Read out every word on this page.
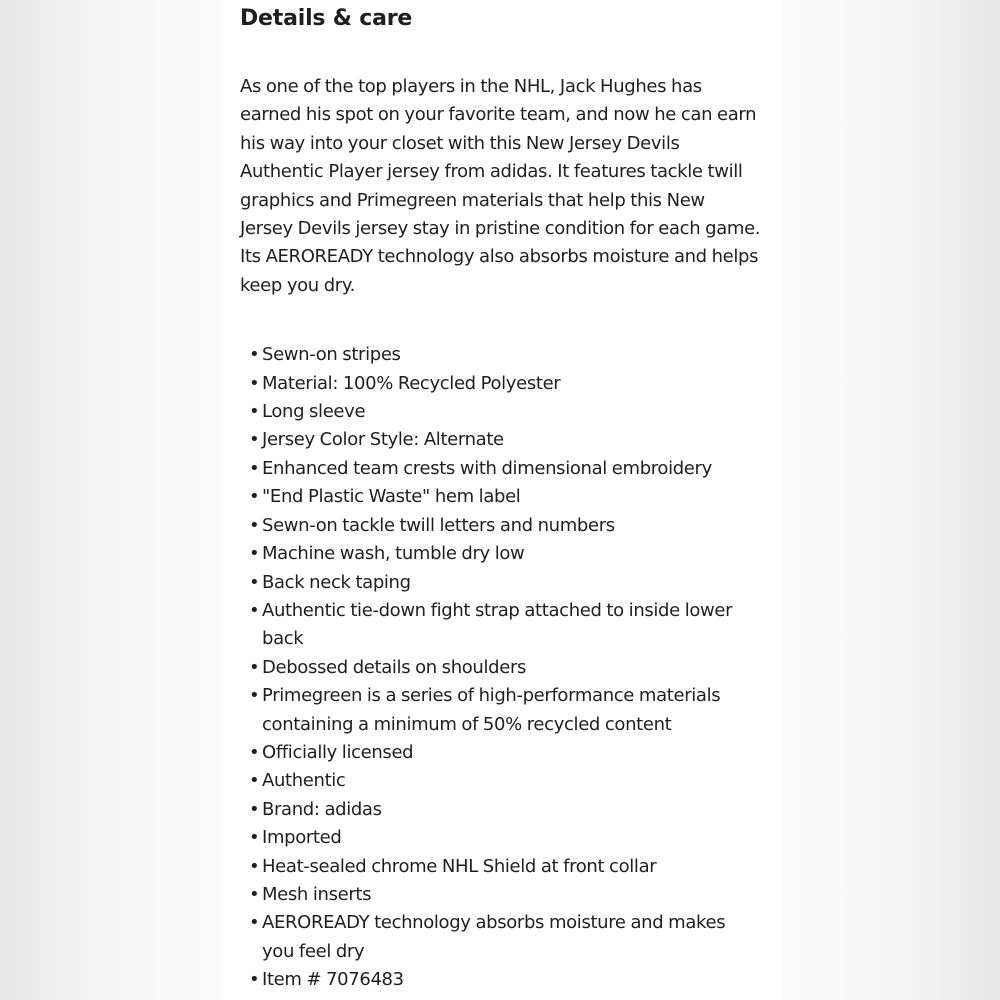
Details & care

As one of the top players in the NHL, Jack Hughes has earned his spot on your favorite team, and now he can earn his way into your closet with this New Jersey Devils Authentic Player jersey from adidas. It features tackle twill graphics and Primegreen materials that help this New Jersey Devils jersey stay in pristine condition for each game. Its AEROREADY technology also absorbs moisture and helps keep you dry.

• Sewn-on stripes
• Material: 100% Recycled Polyester
• Long sleeve
• Jersey Color Style: Alternate
• Enhanced team crests with dimensional embroidery
• "End Plastic Waste" hem label
• Sewn-on tackle twill letters and numbers
• Machine wash, tumble dry low
• Back neck taping
• Authentic tie-down fight strap attached to inside lower back
• Debossed details on shoulders
• Primegreen is a series of high-performance materials containing a minimum of 50% recycled content
• Officially licensed
• Authentic
• Brand: adidas
• Imported
• Heat-sealed chrome NHL Shield at front collar
• Mesh inserts
• AEROREADY technology absorbs moisture and makes you feel dry
• Item # 7076483
